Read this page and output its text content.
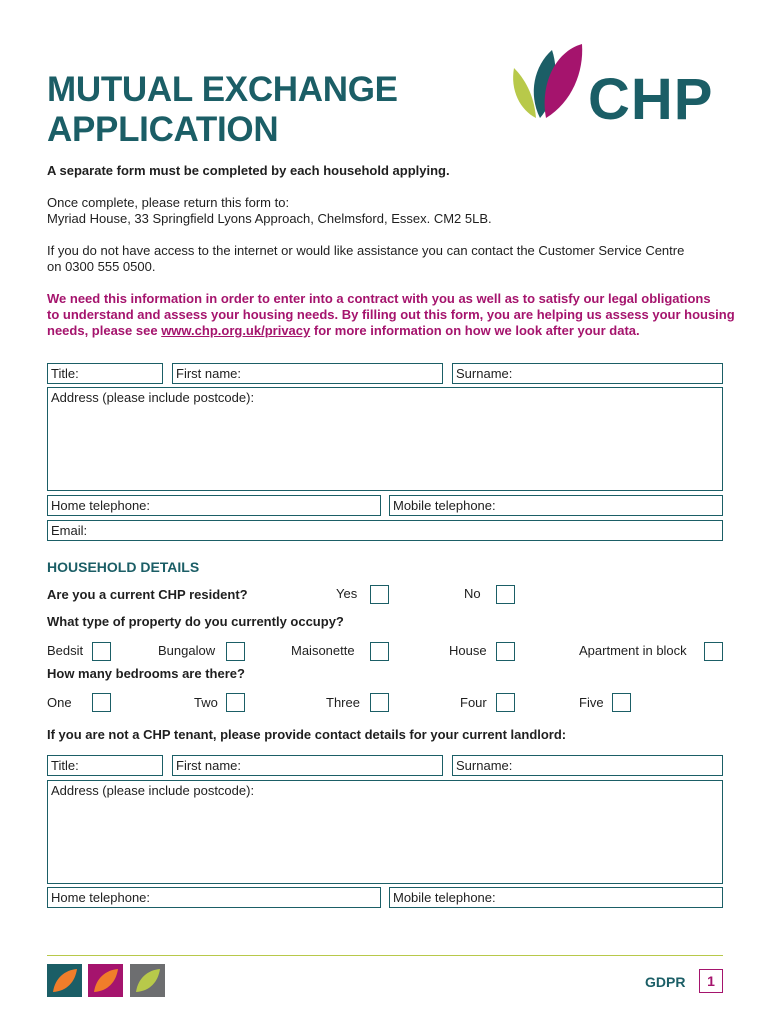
MUTUAL EXCHANGE
APPLICATION	CHP
A separate form must be completed by each household applying.
Once complete, please return this form to:
Myriad House, 33 Springfield Lyons Approach, Chelmsford, Essex. CM2 5LB.
If you do not have access to the internet or would like assistance you can contact the Customer Service Centre
on 0300 555 0500.
We need this information in order to enter into a contract with you as well as to satisfy our legal obligations
to understand and assess your housing needs. By filling out this form, you are helping us assess your housing
needs, please see www.chp.org.uk/privacy for more information on how we look after your data.
Title:	First name:	Surname:
Address (please include postcode):
Home telephone:	Mobile telephone:
Email:
HOUSEHOLD DETAILS
Are you a current CHP resident?	Yes	No
What type of property do you currently occupy?
Bedsit	Bungalow	Maisonette	House	Apartment in block
How many bedrooms are there?
One	Two	Three	Four	Five
If you are not a CHP tenant, please provide contact details for your current landlord:
Title:	First name:	Surname:
Address (please include postcode):
Home telephone:	Mobile telephone:
GDPR	1
